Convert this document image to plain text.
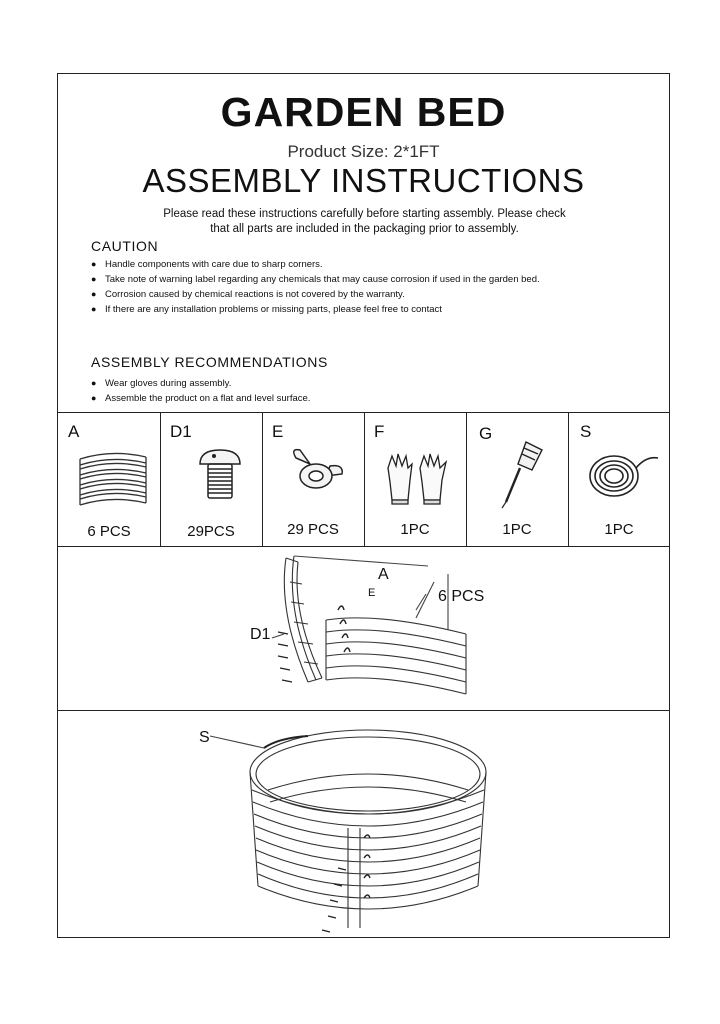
GARDEN BED
Product Size: 2*1FT
ASSEMBLY INSTRUCTIONS
Please read these instructions carefully before starting assembly. Please check
that all parts are included in the packaging prior to assembly.
CAUTION
● Handle components with care due to sharp corners.
● Take note of warning label regarding any chemicals that may cause corrosion if used in the garden bed.
● Corrosion caused by chemical reactions is not covered by the warranty.
● If there are any installation problems or missing parts, please feel free to contact
ASSEMBLY RECOMMENDATIONS
● Wear gloves during assembly.
● Assemble the product on a flat and level surface.
A	D1	E	F	G	S
6 PCS	29PCS	29 PCS	1PC	1PC	1PC
A
E
D1
6 PCS
S
